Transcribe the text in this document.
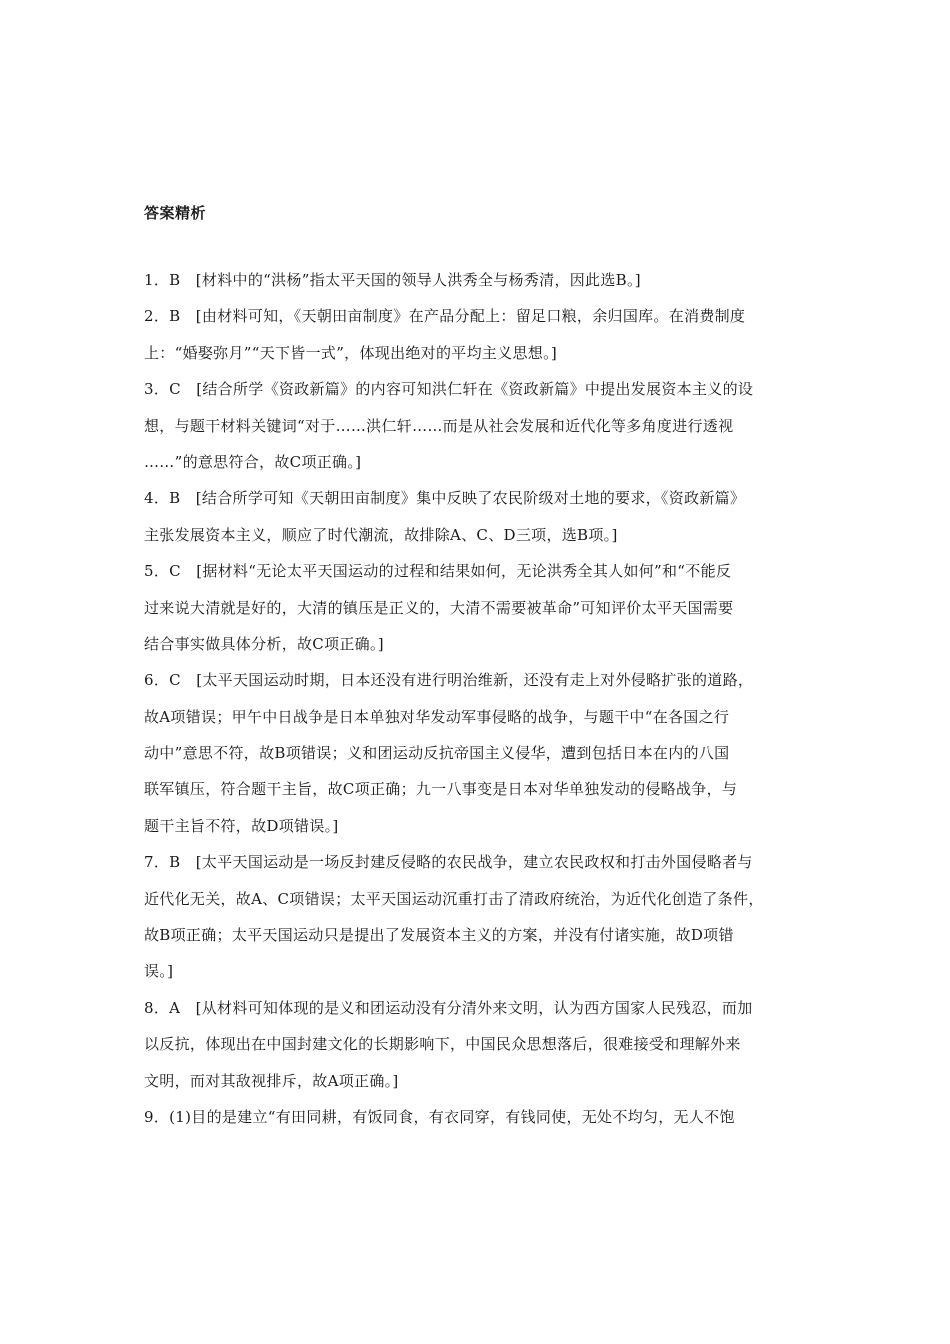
答案精析
1．B　[材料中的“洪杨”指太平天国的领导人洪秀全与杨秀清，因此选B。]
2．B　[由材料可知，《天朝田亩制度》在产品分配上：留足口粮，余归国库。在消费制度
上：“婚娶弥月”“天下皆一式”，体现出绝对的平均主义思想。]
3．C　[结合所学《资政新篇》的内容可知洪仁轩在《资政新篇》中提出发展资本主义的设
想，与题干材料关键词“对于……洪仁轩……而是从社会发展和近代化等多角度进行透视
……”的意思符合，故C项正确。]
4．B　[结合所学可知《天朝田亩制度》集中反映了农民阶级对土地的要求，《资政新篇》
主张发展资本主义，顺应了时代潮流，故排除A、C、D三项，选B项。]
5．C　[据材料“无论太平天国运动的过程和结果如何，无论洪秀全其人如何”和“不能反
过来说大清就是好的，大清的镇压是正义的，大清不需要被革命”可知评价太平天国需要
结合事实做具体分析，故C项正确。]
6．C　[太平天国运动时期，日本还没有进行明治维新，还没有走上对外侵略扩张的道路，
故A项错误；甲午中日战争是日本单独对华发动军事侵略的战争，与题干中“在各国之行
动中”意思不符，故B项错误；义和团运动反抗帝国主义侵华，遭到包括日本在内的八国
联军镇压，符合题干主旨，故C项正确；九一八事变是日本对华单独发动的侵略战争，与
题干主旨不符，故D项错误。]
7．B　[太平天国运动是一场反封建反侵略的农民战争，建立农民政权和打击外国侵略者与
近代化无关，故A、C项错误；太平天国运动沉重打击了清政府统治，为近代化创造了条件，
故B项正确；太平天国运动只是提出了发展资本主义的方案，并没有付诸实施，故D项错
误。]
8．A　[从材料可知体现的是义和团运动没有分清外来文明，认为西方国家人民残忍，而加
以反抗，体现出在中国封建文化的长期影响下，中国民众思想落后，很难接受和理解外来
文明，而对其敌视排斥，故A项正确。]
9．(1)目的是建立“有田同耕，有饭同食，有衣同穿，有钱同使，无处不均匀，无人不饱
